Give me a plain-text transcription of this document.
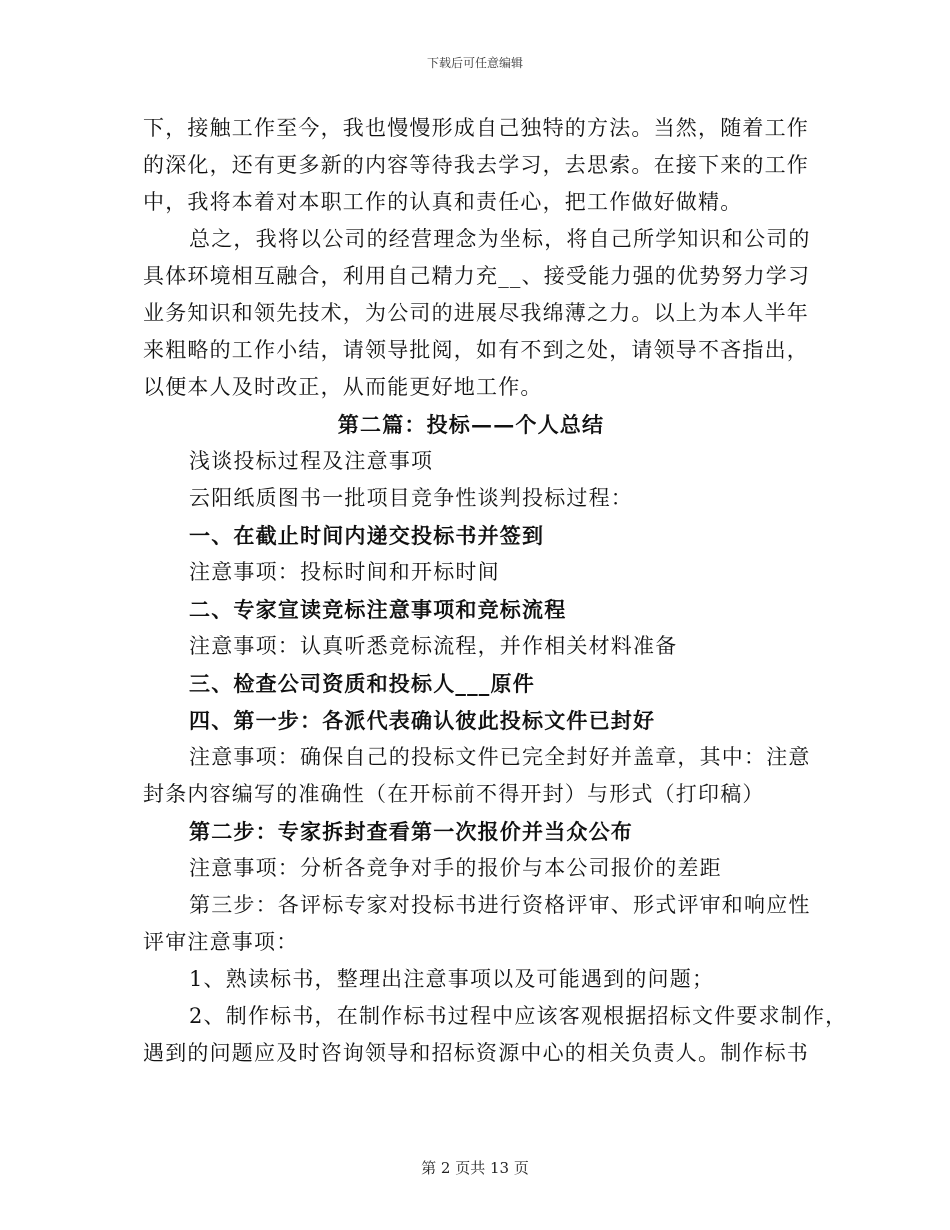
下载后可任意编辑

下，接触工作至今，我也慢慢形成自己独特的方法。当然，随着工作

的深化，还有更多新的内容等待我去学习，去思索。在接下来的工作

中，我将本着对本职工作的认真和责任心，把工作做好做精。

总之，我将以公司的经营理念为坐标，将自己所学知识和公司的

具体环境相互融合，利用自己精力充__、接受能力强的优势努力学习

业务知识和领先技术，为公司的进展尽我绵薄之力。以上为本人半年

来粗略的工作小结，请领导批阅，如有不到之处，请领导不吝指出，

以便本人及时改正，从而能更好地工作。

第二篇：投标——个人总结

浅谈投标过程及注意事项

云阳纸质图书一批项目竞争性谈判投标过程：

一、在截止时间内递交投标书并签到

注意事项：投标时间和开标时间

二、专家宣读竞标注意事项和竞标流程

注意事项：认真听悉竞标流程，并作相关材料准备

三、检查公司资质和投标人___原件

四、第一步：各派代表确认彼此投标文件已封好

注意事项：确保自己的投标文件已完全封好并盖章，其中：注意

封条内容编写的准确性（在开标前不得开封）与形式（打印稿）

第二步：专家拆封查看第一次报价并当众公布

注意事项：分析各竞争对手的报价与本公司报价的差距

第三步：各评标专家对投标书进行资格评审、形式评审和响应性

评审注意事项：

1、熟读标书，整理出注意事项以及可能遇到的问题；

2、制作标书，在制作标书过程中应该客观根据招标文件要求制作，

遇到的问题应及时咨询领导和招标资源中心的相关负责人。制作标书

第 2 页共 13 页
